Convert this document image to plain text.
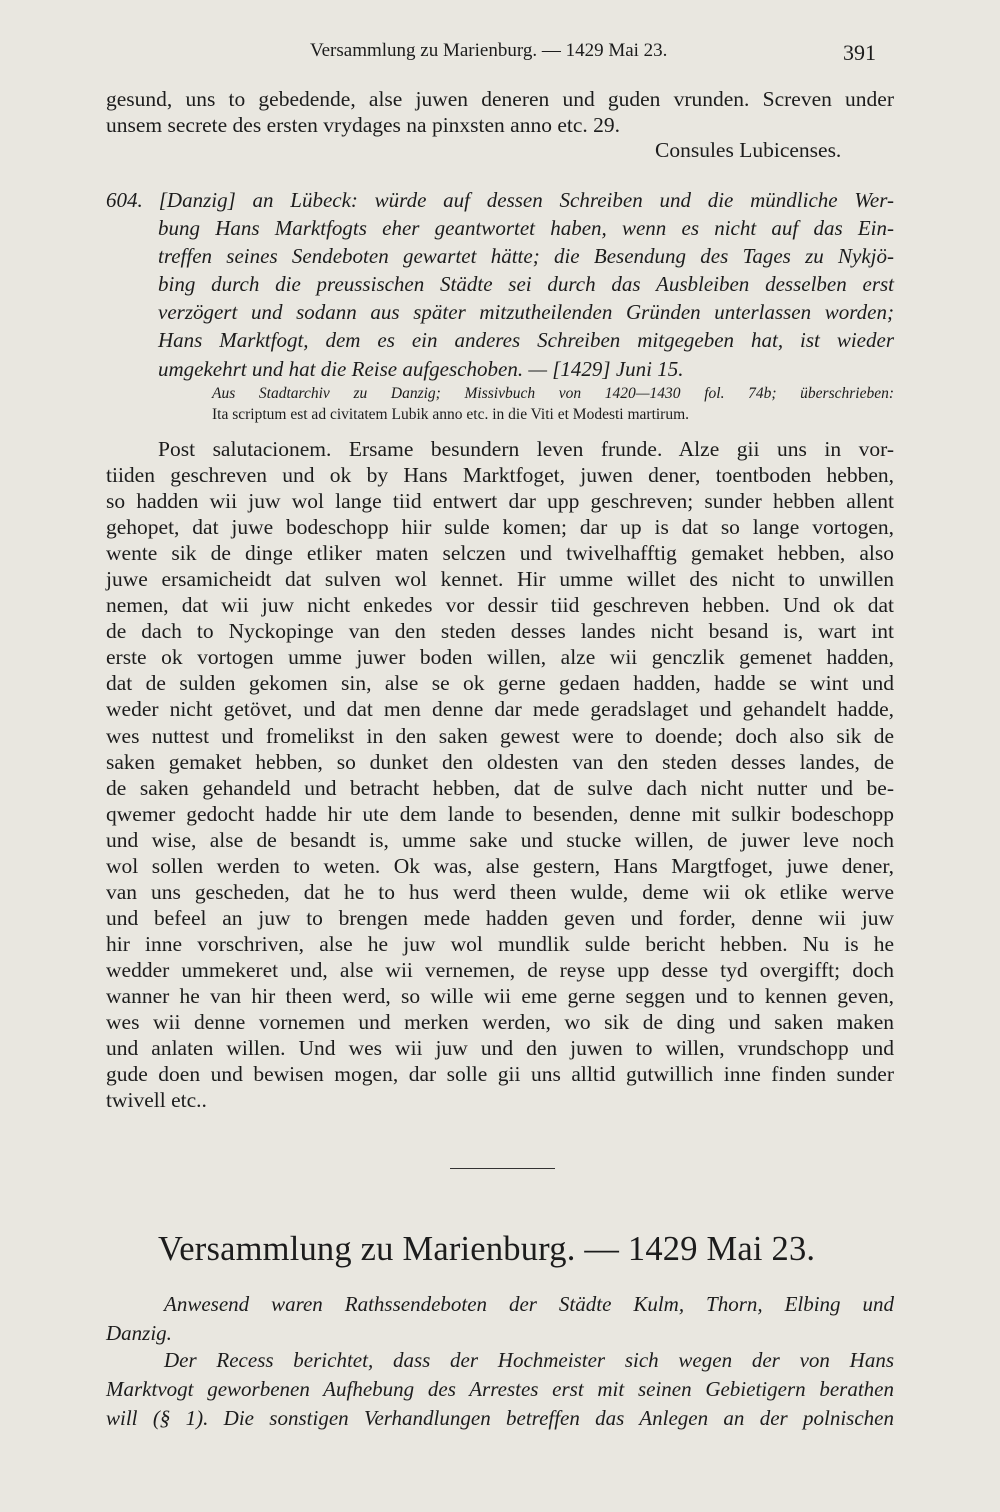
Versammlung zu Marienburg. — 1429 Mai 23.	391
gesund, uns to gebedende, alse juwen deneren und guden vrunden. Screven under
unsem secrete des ersten vrydages na pinxsten anno etc. 29.
Consules Lubicenses.
604. [Danzig] an Lübeck: würde auf dessen Schreiben und die mündliche Wer-
bung Hans Marktfogts eher geantwortet haben, wenn es nicht auf das Ein-
treffen seines Sendeboten gewartet hätte; die Besendung des Tages zu Nykjö-
bing durch die preussischen Städte sei durch das Ausbleiben desselben erst
verzögert und sodann aus später mitzutheilenden Gründen unterlassen worden;
Hans Marktfogt, dem es ein anderes Schreiben mitgegeben hat, ist wieder
umgekehrt und hat die Reise aufgeschoben. — [1429] Juni 15.
Aus Stadtarchiv zu Danzig; Missivbuch von 1420—1430 fol. 74b; überschrieben:
Ita scriptum est ad civitatem Lubik anno etc. in die Viti et Modesti martirum.
Post salutacionem. Ersame besundern leven frunde. Alze gii uns in vor-
tiiden geschreven und ok by Hans Marktfoget, juwen dener, toentboden hebben,
so hadden wii juw wol lange tiid entwert dar upp geschreven; sunder hebben allent
gehopet, dat juwe bodeschopp hiir sulde komen; dar up is dat so lange vortogen,
wente sik de dinge etliker maten selczen und twivelhafftig gemaket hebben, also
juwe ersamicheidt dat sulven wol kennet. Hir umme willet des nicht to unwillen
nemen, dat wii juw nicht enkedes vor dessir tiid geschreven hebben. Und ok dat
de dach to Nyckopinge van den steden desses landes nicht besand is, wart int
erste ok vortogen umme juwer boden willen, alze wii genczlik gemenet hadden,
dat de sulden gekomen sin, alse se ok gerne gedaen hadden, hadde se wint und
weder nicht getövet, und dat men denne dar mede geradslaget und gehandelt hadde,
wes nuttest und fromelikst in den saken gewest were to doende; doch also sik de
saken gemaket hebben, so dunket den oldesten van den steden desses landes, de
de saken gehandeld und betracht hebben, dat de sulve dach nicht nutter und be-
qwemer gedocht hadde hir ute dem lande to besenden, denne mit sulkir bodeschopp
und wise, alse de besandt is, umme sake und stucke willen, de juwer leve noch
wol sollen werden to weten. Ok was, alse gestern, Hans Margtfoget, juwe dener,
van uns gescheden, dat he to hus werd theen wulde, deme wii ok etlike werve
und befeel an juw to brengen mede hadden geven und forder, denne wii juw
hir inne vorschriven, alse he juw wol mundlik sulde bericht hebben. Nu is he
wedder ummekeret und, alse wii vernemen, de reyse upp desse tyd overgifft; doch
wanner he van hir theen werd, so wille wii eme gerne seggen und to kennen geven,
wes wii denne vornemen und merken werden, wo sik de ding und saken maken
und anlaten willen. Und wes wii juw und den juwen to willen, vrundschopp und
gude doen und bewisen mogen, dar solle gii uns alltid gutwillich inne finden sunder
twivell etc..
Versammlung zu Marienburg. — 1429 Mai 23.
Anwesend waren Rathssendeboten der Städte Kulm, Thorn, Elbing und
Danzig.
Der Recess berichtet, dass der Hochmeister sich wegen der von Hans
Marktvogt geworbenen Aufhebung des Arrestes erst mit seinen Gebietigern berathen
will (§ 1). Die sonstigen Verhandlungen betreffen das Anlegen an der polnischen
